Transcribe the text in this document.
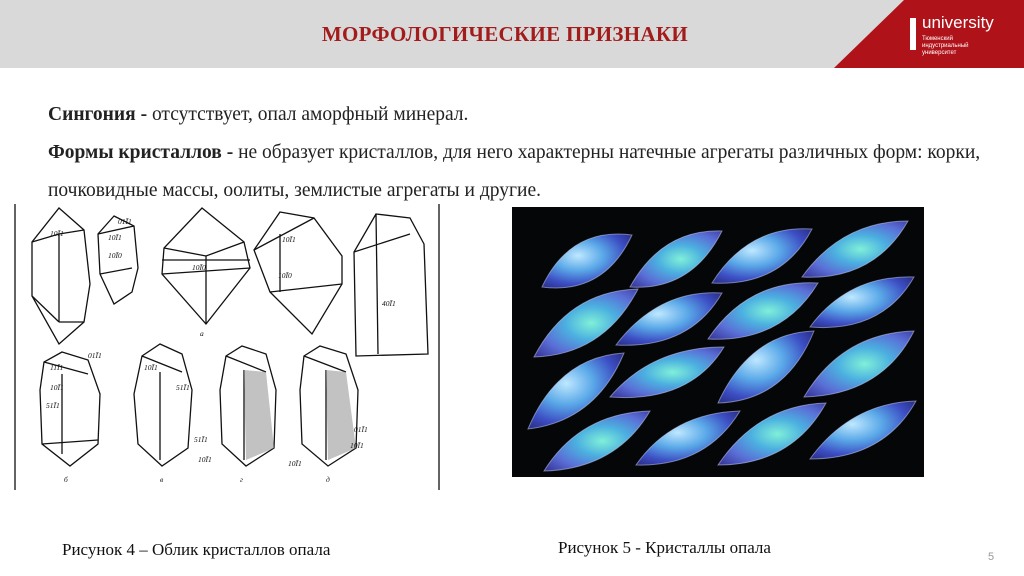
МОРФОЛОГИЧЕСКИЕ ПРИЗНАКИ	university
Тюменский индустриальный университет

Сингония - отсутствует, опал аморфный минерал.

Формы кристаллов - не образует кристаллов, для него характерны натечные агрегаты различных форм: корки, почковидные массы, оолиты, землистые агрегаты и другие.

10Ī1
01Ī1
10Ī1
10Ī0
10Ī0
10Ī1
10Ī0
40Ī1
а
11Ī1
01Ī1
10Ī1
51Ī1
10Ī1
51Ī1
51Ī1
10Ī1
01Ī1
10Ī1
10Ī1
б	в	г	д
Рисунок 4 – Облик кристаллов опала	Рисунок 5 - Кристаллы опала	5
